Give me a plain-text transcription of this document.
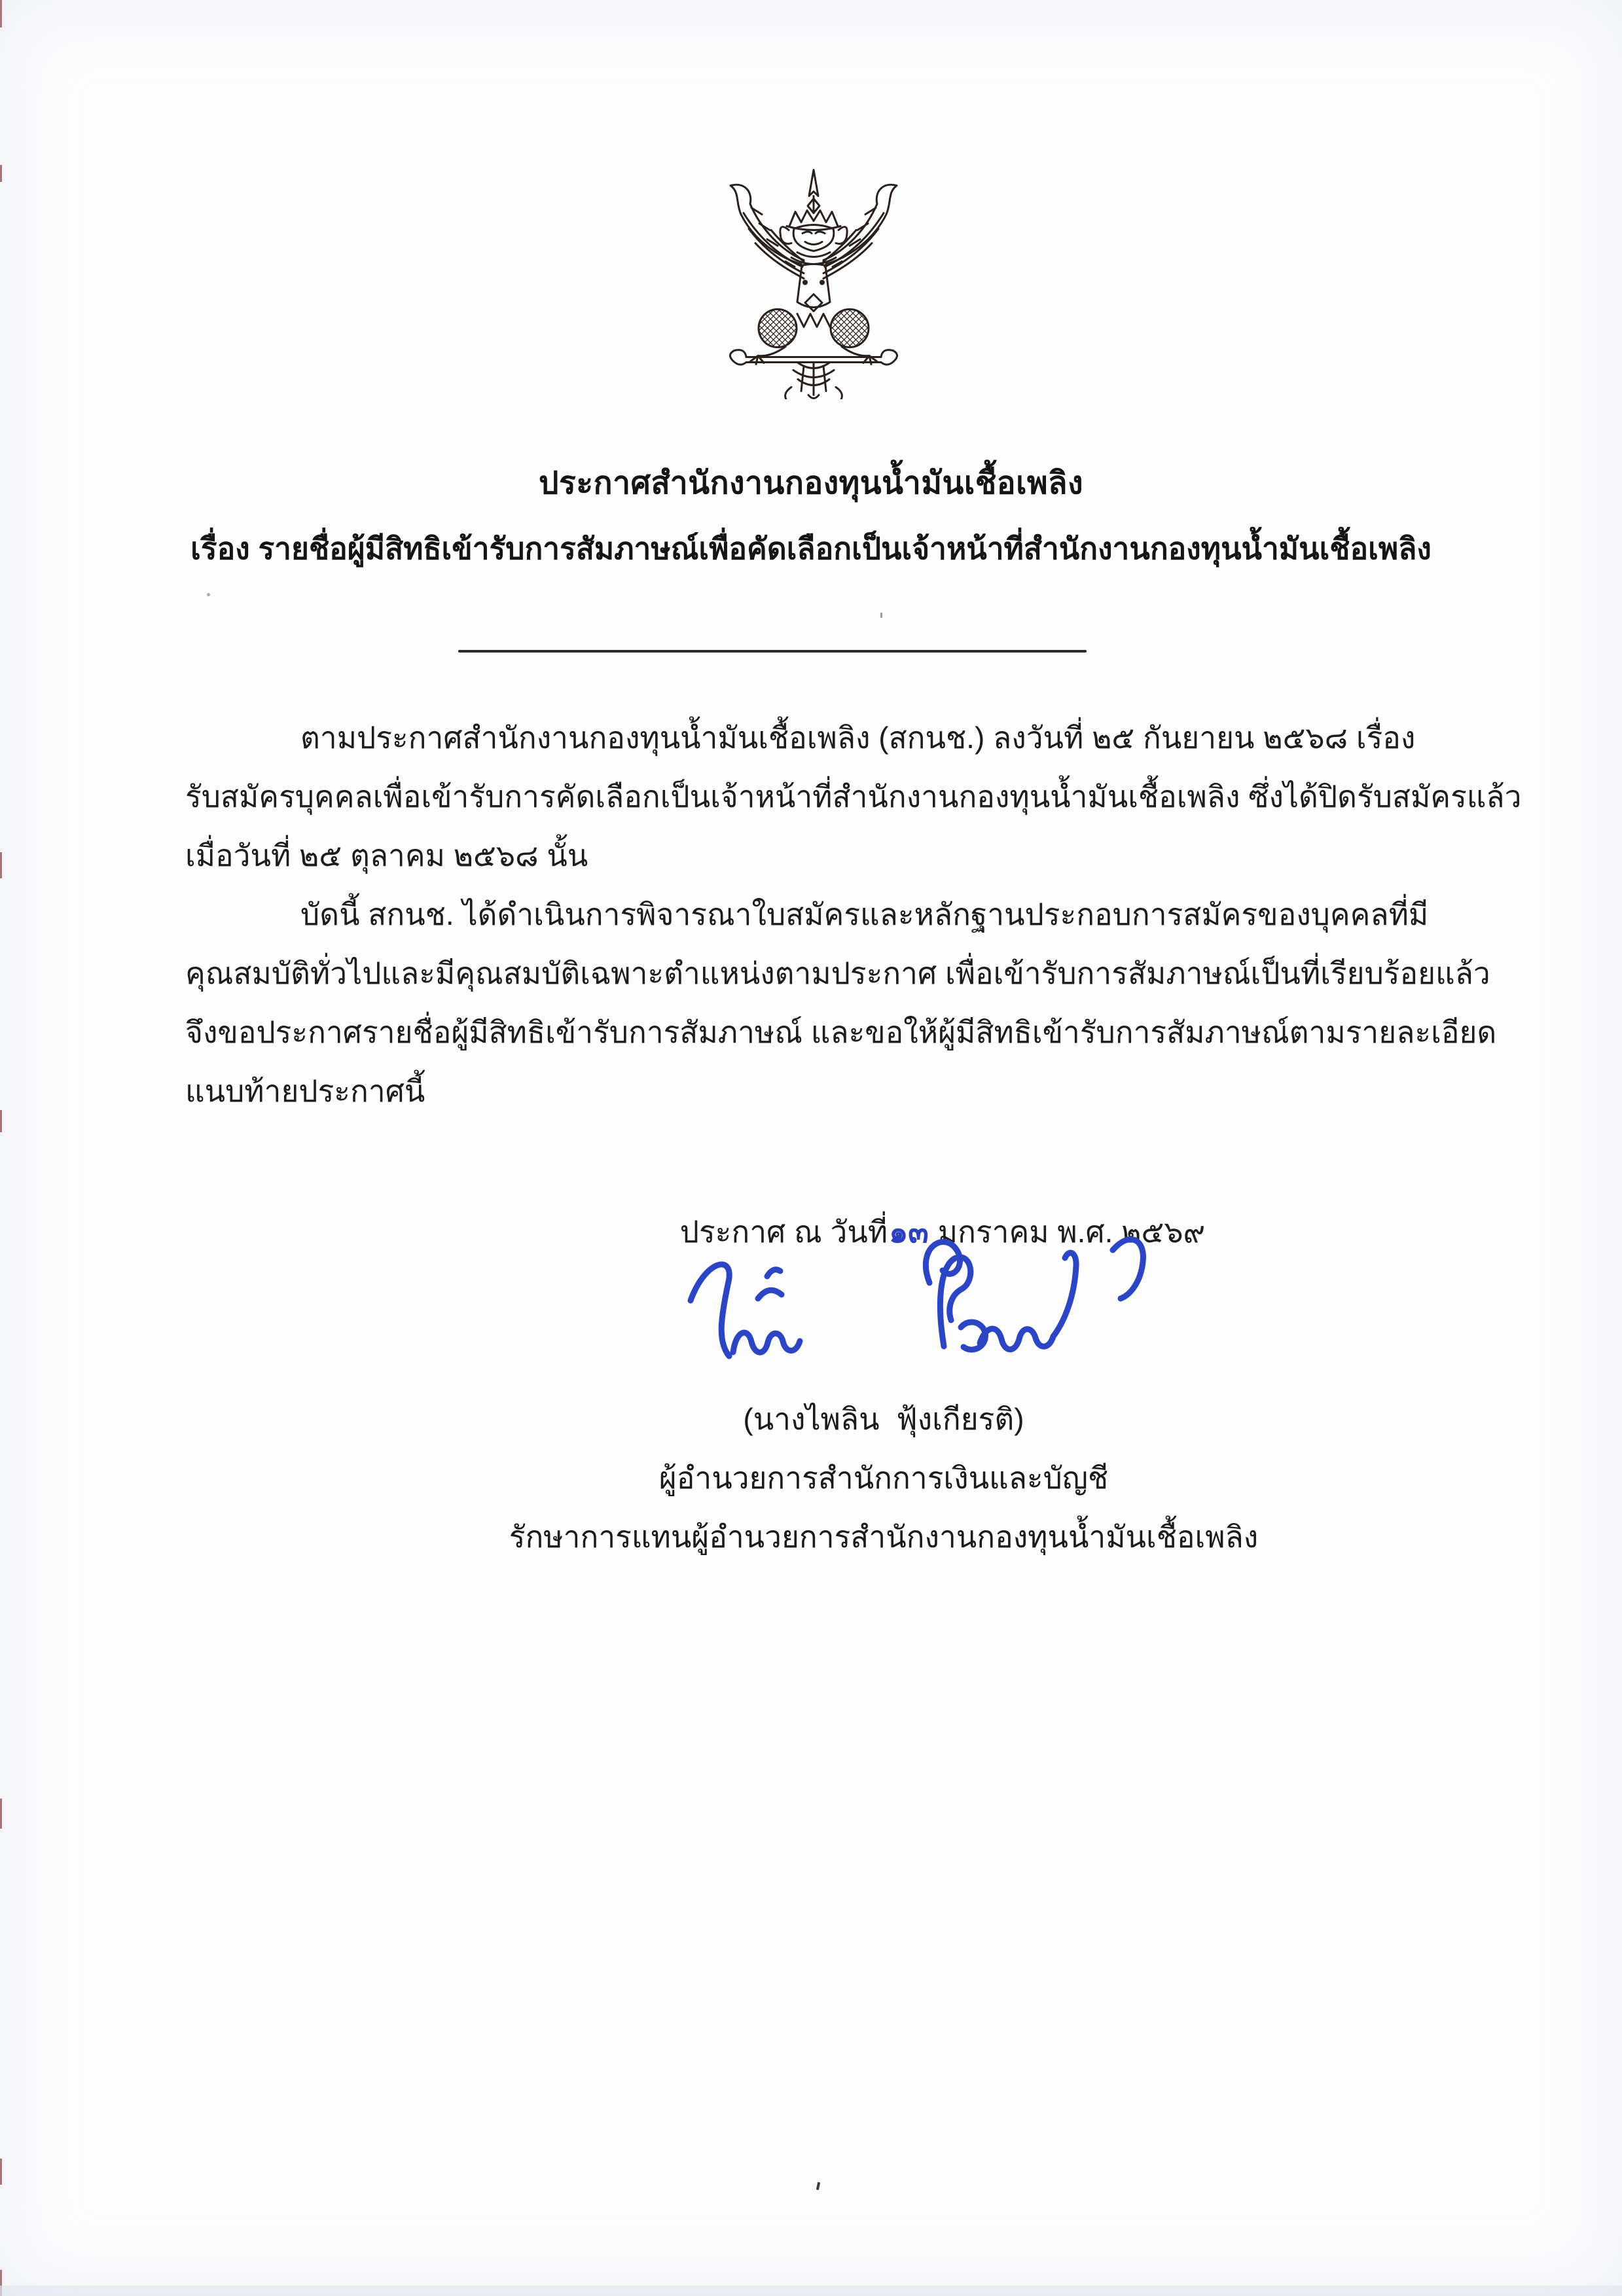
ประกาศสำนักงานกองทุนน้ำมันเชื้อเพลิง
เรื่อง รายชื่อผู้มีสิทธิเข้ารับการสัมภาษณ์เพื่อคัดเลือกเป็นเจ้าหน้าที่สำนักงานกองทุนน้ำมันเชื้อเพลิง
ตามประกาศสำนักงานกองทุนน้ำมันเชื้อเพลิง (สกนช.) ลงวันที่ ๒๕ กันยายน ๒๕๖๘ เรื่อง
รับสมัครบุคคลเพื่อเข้ารับการคัดเลือกเป็นเจ้าหน้าที่สำนักงานกองทุนน้ำมันเชื้อเพลิง ซึ่งได้ปิดรับสมัครแล้ว
เมื่อวันที่ ๒๕ ตุลาคม ๒๕๖๘ นั้น
บัดนี้ สกนช. ได้ดำเนินการพิจารณาใบสมัครและหลักฐานประกอบการสมัครของบุคคลที่มี
คุณสมบัติทั่วไปและมีคุณสมบัติเฉพาะตำแหน่งตามประกาศ เพื่อเข้ารับการสัมภาษณ์เป็นที่เรียบร้อยแล้ว
จึงขอประกาศรายชื่อผู้มีสิทธิเข้ารับการสัมภาษณ์ และขอให้ผู้มีสิทธิเข้ารับการสัมภาษณ์ตามรายละเอียด
แนบท้ายประกาศนี้
ประกาศ ณ วันที่๑๓ มกราคม พ.ศ. ๒๕๖๙
(นางไพลิน  ฟุ้งเกียรติ)
ผู้อำนวยการสำนักการเงินและบัญชี
รักษาการแทนผู้อำนวยการสำนักงานกองทุนน้ำมันเชื้อเพลิง
